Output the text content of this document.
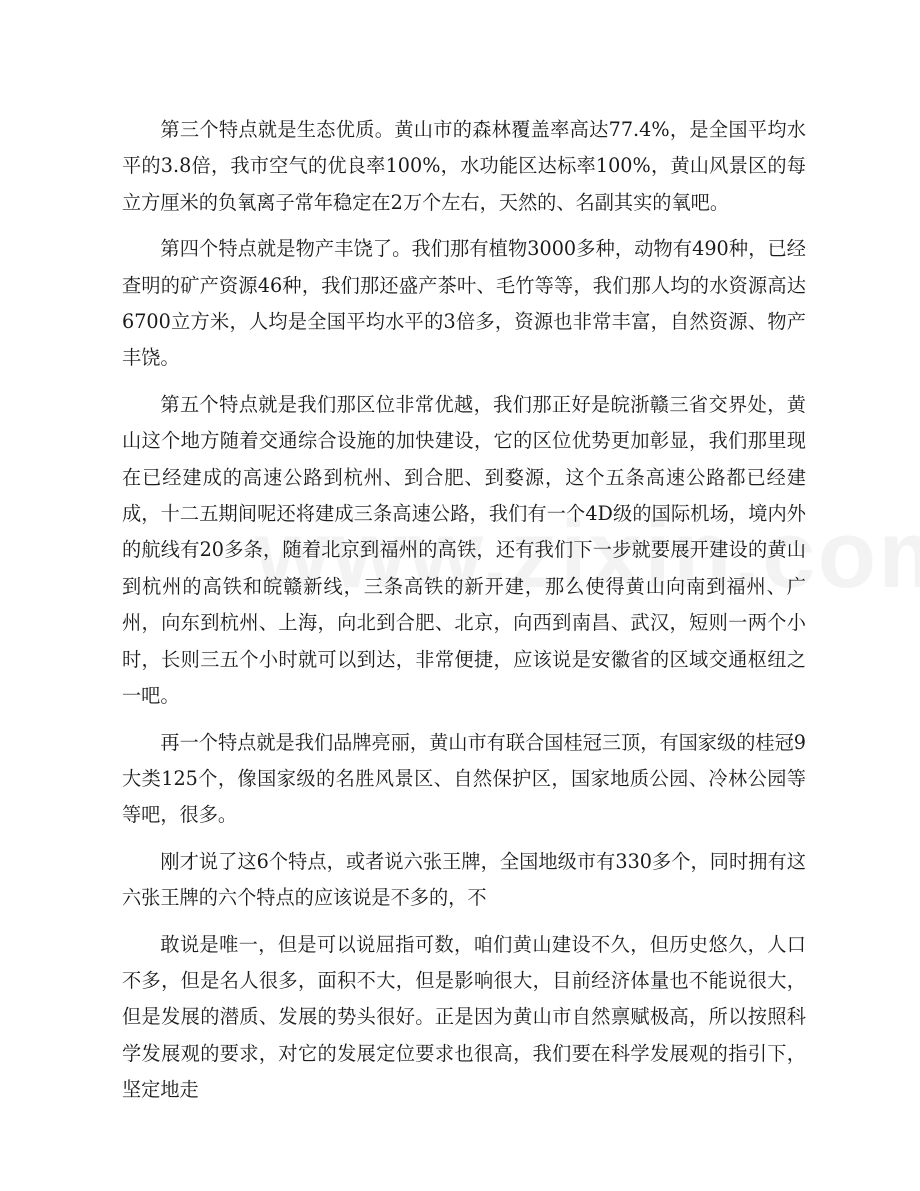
第三个特点就是生态优质。黄山市的森林覆盖率高达77.4%，是全国平均水平的3.8倍，我市空气的优良率100%，水功能区达标率100%，黄山风景区的每立方厘米的负氧离子常年稳定在2万个左右，天然的、名副其实的氧吧。

第四个特点就是物产丰饶了。我们那有植物3000多种，动物有490种，已经查明的矿产资源46种，我们那还盛产茶叶、毛竹等等，我们那人均的水资源高达6700立方米，人均是全国平均水平的3倍多，资源也非常丰富，自然资源、物产丰饶。

第五个特点就是我们那区位非常优越，我们那正好是皖浙赣三省交界处，黄山这个地方随着交通综合设施的加快建设，它的区位优势更加彰显，我们那里现在已经建成的高速公路到杭州、到合肥、到婺源，这个五条高速公路都已经建成，十二五期间呢还将建成三条高速公路，我们有一个4D级的国际机场，境内外的航线有20多条，随着北京到福州的高铁，还有我们下一步就要展开建设的黄山到杭州的高铁和皖赣新线，三条高铁的新开建，那么使得黄山向南到福州、广州，向东到杭州、上海，向北到合肥、北京，向西到南昌、武汉，短则一两个小时，长则三五个小时就可以到达，非常便捷，应该说是安徽省的区域交通枢纽之一吧。

再一个特点就是我们品牌亮丽，黄山市有联合国桂冠三顶，有国家级的桂冠9大类125个，像国家级的名胜风景区、自然保护区，国家地质公园、冷林公园等等吧，很多。

刚才说了这6个特点，或者说六张王牌，全国地级市有330多个，同时拥有这六张王牌的六个特点的应该说是不多的，不

敢说是唯一，但是可以说屈指可数，咱们黄山建设不久，但历史悠久，人口不多，但是名人很多，面积不大，但是影响很大，目前经济体量也不能说很大，但是发展的潜质、发展的势头很好。正是因为黄山市自然禀赋极高，所以按照科学发展观的要求，对它的发展定位要求也很高，我们要在科学发展观的指引下，坚定地走
